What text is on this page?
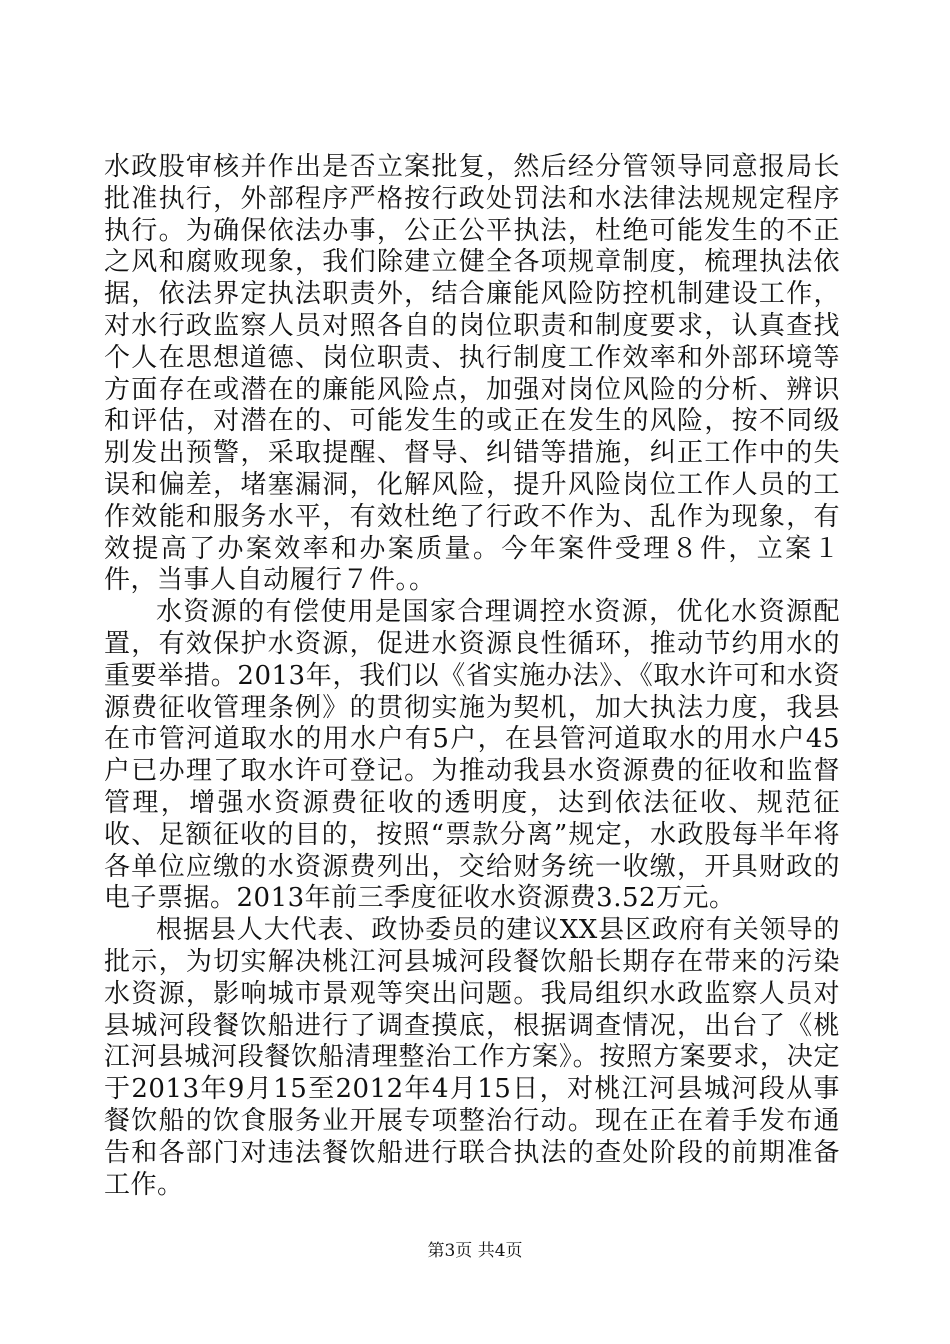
水政股审核并作出是否立案批复，然后经分管领导同意报局长批准执行，外部程序严格按行政处罚法和水法律法规规定程序执行。为确保依法办事，公正公平执法，杜绝可能发生的不正之风和腐败现象，我们除建立健全各项规章制度，梳理执法依据，依法界定执法职责外，结合廉能风险防控机制建设工作，对水行政监察人员对照各自的岗位职责和制度要求，认真查找个人在思想道德、岗位职责、执行制度工作效率和外部环境等方面存在或潜在的廉能风险点，加强对岗位风险的分析、辨识和评估，对潜在的、可能发生的或正在发生的风险，按不同级别发出预警，采取提醒、督导、纠错等措施，纠正工作中的失误和偏差，堵塞漏洞，化解风险，提升风险岗位工作人员的工作效能和服务水平，有效杜绝了行政不作为、乱作为现象，有效提高了办案效率和办案质量。今年案件受理８件，立案１件，当事人自动履行７件。。

水资源的有偿使用是国家合理调控水资源，优化水资源配置，有效保护水资源，促进水资源良性循环，推动节约用水的重要举措。2013年，我们以《省实施办法》、《取水许可和水资源费征收管理条例》的贯彻实施为契机，加大执法力度，我县在市管河道取水的用水户有5户，在县管河道取水的用水户45户已办理了取水许可登记。为推动我县水资源费的征收和监督管理，增强水资源费征收的透明度，达到依法征收、规范征收、足额征收的目的，按照“票款分离”规定，水政股每半年将各单位应缴的水资源费列出，交给财务统一收缴，开具财政的电子票据。2013年前三季度征收水资源费3.52万元。

根据县人大代表、政协委员的建议XX县区政府有关领导的批示，为切实解决桃江河县城河段餐饮船长期存在带来的污染水资源，影响城市景观等突出问题。我局组织水政监察人员对县城河段餐饮船进行了调查摸底，根据调查情况，出台了《桃江河县城河段餐饮船清理整治工作方案》。按照方案要求，决定于2013年9月15至2012年4月15日，对桃江河县城河段从事餐饮船的饮食服务业开展专项整治行动。现在正在着手发布通告和各部门对违法餐饮船进行联合执法的查处阶段的前期准备工作。

第3页 共4页
